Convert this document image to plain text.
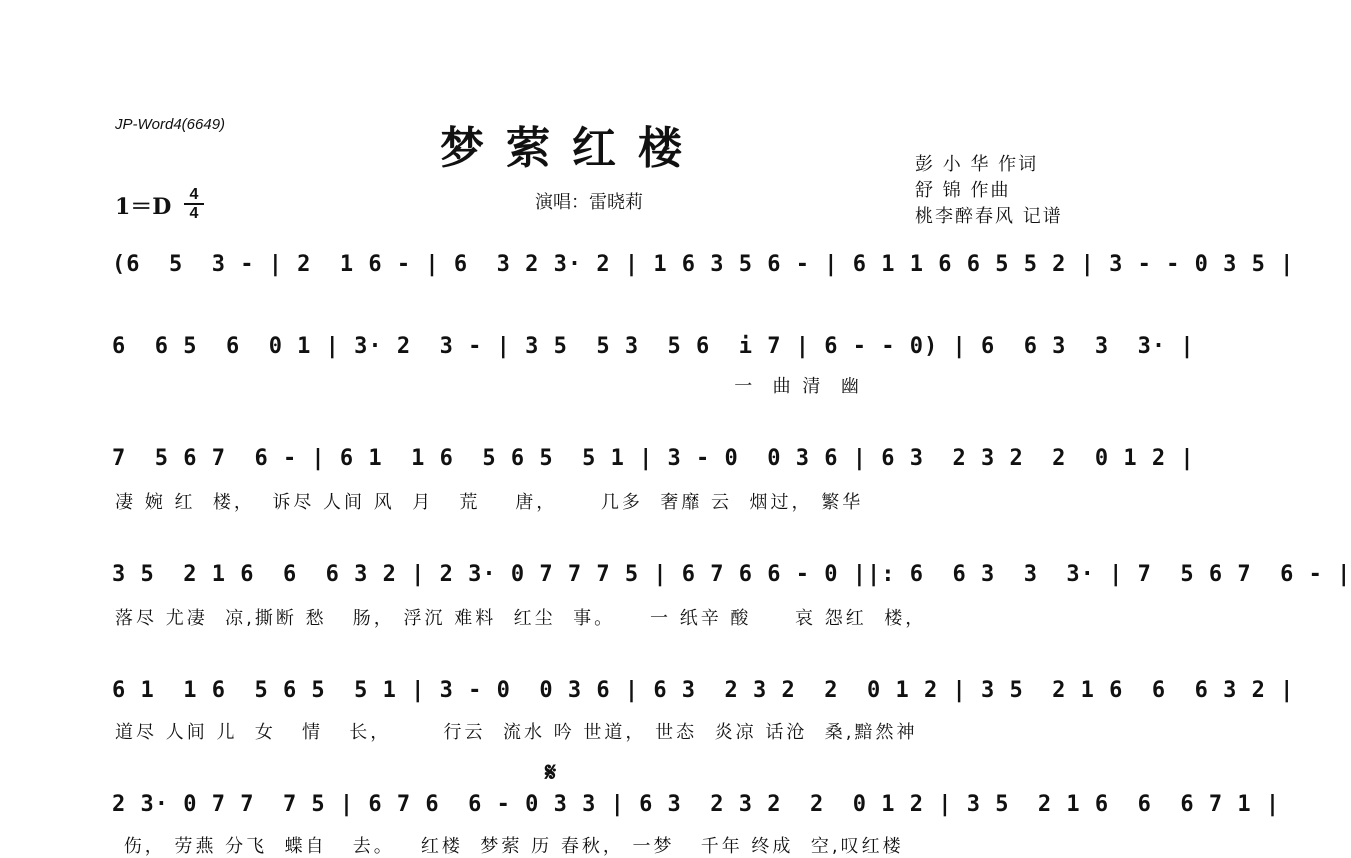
JP-Word4(6649)	梦萦红楼
1＝D	4
4
演唱：雷晓莉
彭 小 华 作词
舒 锦 作曲
桃李醉春风 记谱
(6  5  3 - | 2  1 6 - | 6  3 2 3· 2 | 1 6 3 5 6 - | 6 1 1 6 6 5 5 2 | 3 - - 0 3 5 |
6  6 5  6  0 1 | 3· 2  3 - | 3 5  5 3  5 6  i 7 | 6 - - 0) | 6  6 3  3  3· |
一  曲 清  幽
7  5 6 7  6 - | 6 1  1 6  5 6 5  5 1 | 3 - 0  0 3 6 | 6 3  2 3 2  2  0 1 2 |
凄 婉 红  楼，  诉尽 人间 风  月   荒    唐，     几多  奢靡 云  烟过， 繁华
3 5  2 1 6  6  6 3 2 | 2 3· 0 7 7 7 5 | 6 7 6 6 - 0 ||: 6  6 3  3  3· | 7  5 6 7  6 - |
落尽 尤凄  凉,撕断 愁   肠， 浮沉 难料  红尘  事。    一 纸辛 酸     哀 怨红  楼，
6 1  1 6  5 6 5  5 1 | 3 - 0  0 3 6 | 6 3  2 3 2  2  0 1 2 | 3 5  2 1 6  6  6 3 2 |
道尽 人间 儿  女   情   长，      行云  流水 吟 世道， 世态  炎凉 话沧  桑,黯然神
𝄋
2 3· 0 7 7  7 5 | 6 7 6  6 - 0 3 3 | 6 3  2 3 2  2  0 1 2 | 3 5  2 1 6  6  6 7 1 |
伤， 劳燕 分飞  蝶自   去。   红楼  梦萦 历 春秋， 一梦   千年 终成  空,叹红楼
